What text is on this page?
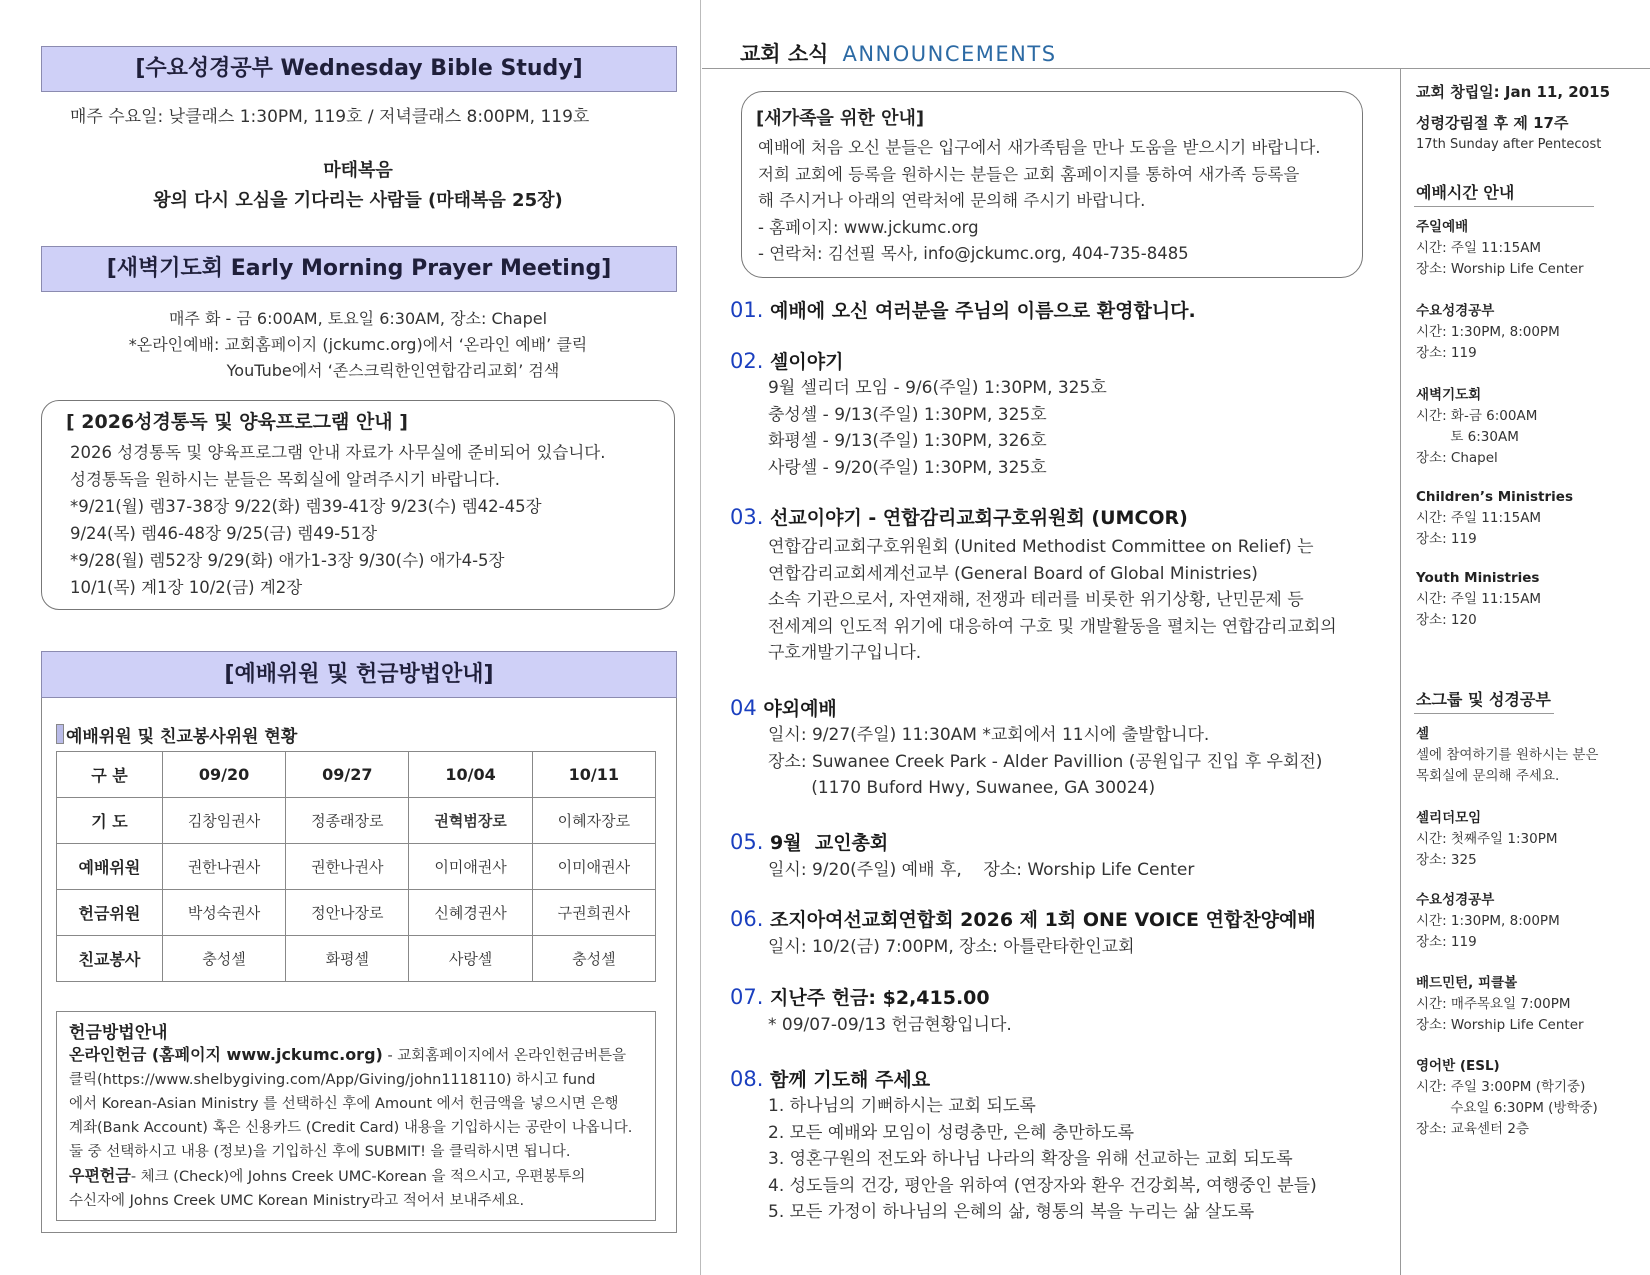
[수요성경공부 Wednesday Bible Study]
매주 수요일: 낮클래스 1:30PM, 119호 / 저녁클래스 8:00PM, 119호
마태복음
왕의 다시 오심을 기다리는 사람들 (마태복음 25장)
[새벽기도회 Early Morning Prayer Meeting]
매주 화 - 금 6:00AM, 토요일 6:30AM, 장소: Chapel
*온라인예배: 교회홈페이지 (jckumc.org)에서 ‘온라인 예배’ 클릭
YouTube에서 ‘존스크릭한인연합감리교회’ 검색
[ 2026성경통독 및 양육프로그램 안내 ]
2026 성경통독 및 양육프로그램 안내 자료가 사무실에 준비되어 있습니다.
성경통독을 원하시는 분들은 목회실에 알려주시기 바랍니다.
*9/21(월) 렘37-38장 9/22(화) 렘39-41장 9/23(수) 렘42-45장
9/24(목) 렘46-48장 9/25(금) 렘49-51장
*9/28(월) 렘52장 9/29(화) 애가1-3장 9/30(수) 애가4-5장
10/1(목) 계1장 10/2(금) 계2장
[예배위원 및 헌금방법안내]
예배위원 및 친교봉사위원 현황
구 분	09/20	09/27	10/04	10/11
기 도	김창임권사	정종래장로	권혁범장로	이혜자장로
예배위원	권한나권사	권한나권사	이미애권사	이미애권사
헌금위원	박성숙권사	정안나장로	신혜경권사	구권희권사
친교봉사	충성셀	화평셀	사랑셀	충성셀
헌금방법안내
온라인헌금 (홈페이지 www.jckumc.org) - 교회홈페이지에서 온라인헌금버튼을
클릭(https://www.shelbygiving.com/App/Giving/john1118110) 하시고 fund
에서 Korean-Asian Ministry 를 선택하신 후에 Amount 에서 헌금액을 넣으시면 은행
계좌(Bank Account) 혹은 신용카드 (Credit Card) 내용을 기입하시는 공란이 나옵니다.
둘 중 선택하시고 내용 (정보)을 기입하신 후에 SUBMIT! 을 클릭하시면 됩니다.
우편헌금- 체크 (Check)에 Johns Creek UMC-Korean 을 적으시고, 우편봉투의
수신자에 Johns Creek UMC Korean Ministry라고 적어서 보내주세요.
교회 소식 ANNOUNCEMENTS
[새가족을 위한 안내]
예배에 처음 오신 분들은 입구에서 새가족팀을 만나 도움을 받으시기 바랍니다.
저희 교회에 등록을 원하시는 분들은 교회 홈페이지를 통하여 새가족 등록을
해 주시거나 아래의 연락처에 문의해 주시기 바랍니다.
- 홈페이지: www.jckumc.org
- 연락처: 김선필 목사, info@jckumc.org, 404-735-8485
01. 예배에 오신 여러분을 주님의 이름으로 환영합니다.
02. 셀이야기
9월 셀리더 모임 - 9/6(주일) 1:30PM, 325호
충성셀 - 9/13(주일) 1:30PM, 325호
화평셀 - 9/13(주일) 1:30PM, 326호
사랑셀 - 9/20(주일) 1:30PM, 325호
03. 선교이야기 - 연합감리교회구호위원회 (UMCOR)
연합감리교회구호위원회 (United Methodist Committee on Relief) 는
연합감리교회세계선교부 (General Board of Global Ministries)
소속 기관으로서, 자연재해, 전쟁과 테러를 비롯한 위기상황, 난민문제 등
전세계의 인도적 위기에 대응하여 구호 및 개발활동을 펼치는 연합감리교회의
구호개발기구입니다.
04 야외예배
일시: 9/27(주일) 11:30AM *교회에서 11시에 출발합니다.
장소: Suwanee Creek Park - Alder Pavillion (공원입구 진입 후 우회전)
(1170 Buford Hwy, Suwanee, GA 30024)
05. 9월  교인총회
일시: 9/20(주일) 예배 후,    장소: Worship Life Center
06. 조지아여선교회연합회 2026 제 1회 ONE VOICE 연합찬양예배
일시: 10/2(금) 7:00PM, 장소: 아틀란타한인교회
07. 지난주 헌금: $2,415.00
* 09/07-09/13 헌금현황입니다.
08. 함께 기도해 주세요
1. 하나님의 기뻐하시는 교회 되도록
2. 모든 예배와 모임이 성령충만, 은혜 충만하도록
3. 영혼구원의 전도와 하나님 나라의 확장을 위해 선교하는 교회 되도록
4. 성도들의 건강, 평안을 위하여 (연장자와 환우 건강회복, 여행중인 분들)
5. 모든 가정이 하나님의 은혜의 삶, 형통의 복을 누리는 삶 살도록
교회 창립일: Jan 11, 2015
성령강림절 후 제 17주
17th Sunday after Pentecost
예배시간 안내
주일예배
시간: 주일 11:15AM
장소: Worship Life Center
수요성경공부
시간: 1:30PM, 8:00PM
장소: 119
새벽기도회
시간: 화-금 6:00AM
토 6:30AM
장소: Chapel
Children’s Ministries
시간: 주일 11:15AM
장소: 119
Youth Ministries
시간: 주일 11:15AM
장소: 120
소그룹 및 성경공부
셀
셀에 참여하기를 원하시는 분은
목회실에 문의해 주세요.
셀리더모임
시간: 첫째주일 1:30PM
장소: 325
수요성경공부
시간: 1:30PM, 8:00PM
장소: 119
배드민턴, 피클볼
시간: 매주목요일 7:00PM
장소: Worship Life Center
영어반 (ESL)
시간: 주일 3:00PM (학기중)
수요일 6:30PM (방학중)
장소: 교육센터 2층
